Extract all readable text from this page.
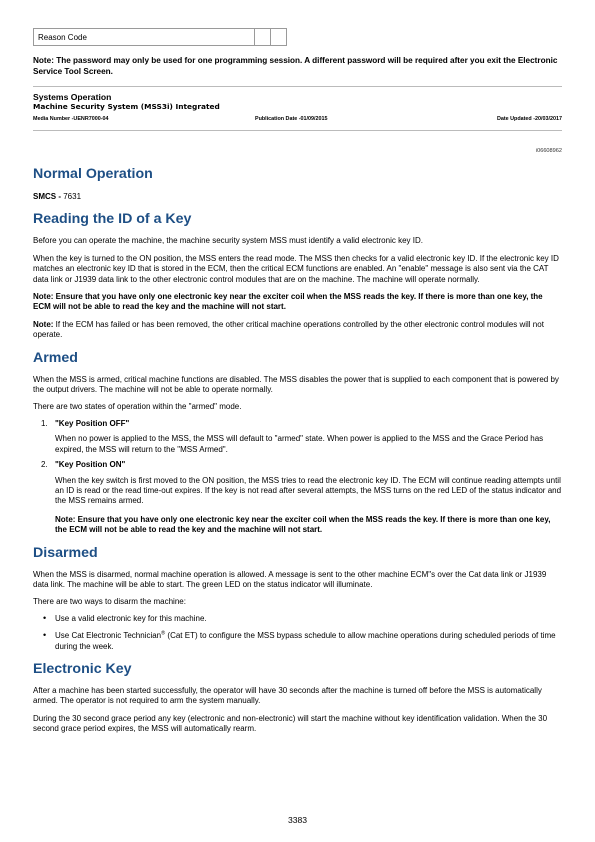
Reason Code		
Note: The password may only be used for one programming session. A different password will be required after you exit the Electronic Service Tool Screen.
Systems Operation
Machine Security System (MSS3i) Integrated
Media Number -UENR7000-04	Publication Date -01/09/2015	Date Updated -20/03/2017
i06608962
Normal Operation

SMCS - 7631

Reading the ID of a Key

Before you can operate the machine, the machine security system MSS must identify a valid electronic key ID.

When the key is turned to the ON position, the MSS enters the read mode. The MSS then checks for a valid electronic key ID. If the electronic key ID matches an electronic key ID that is stored in the ECM, then the critical ECM functions are enabled. An "enable" message is also sent via the CAT data link or J1939 data link to the other electronic control modules that are on the machine. The machine will operate normally.

Note: Ensure that you have only one electronic key near the exciter coil when the MSS reads the key. If there is more than one key, the ECM will not be able to read the key and the machine will not start.

Note: If the ECM has failed or has been removed, the other critical machine operations controlled by the other electronic control modules will not operate.

Armed

When the MSS is armed, critical machine functions are disabled. The MSS disables the power that is supplied to each component that is powered by the output drivers. The machine will not be able to operate normally.

There are two states of operation within the "armed" mode.

1. "Key Position OFF"
When no power is applied to the MSS, the MSS will default to "armed" state. When power is applied to the MSS and the Grace Period has expired, the MSS will return to the "MSS Armed".
2. "Key Position ON"
When the key switch is first moved to the ON position, the MSS tries to read the electronic key ID. The ECM will continue reading attempts until an ID is read or the read time-out expires. If the key is not read after several attempts, the MSS turns on the red LED of the status indicator and the MSS remains armed.
Note: Ensure that you have only one electronic key near the exciter coil when the MSS reads the key. If there is more than one key, the ECM will not be able to read the key and the machine will not start.
Disarmed

When the MSS is disarmed, normal machine operation is allowed. A message is sent to the other machine ECM"s over the Cat data link or J1939 data link. The machine will be able to start. The green LED on the status indicator will illuminate.

There are two ways to disarm the machine:

• Use a valid electronic key for this machine.
• Use Cat Electronic Technician® (Cat ET) to configure the MSS bypass schedule to allow machine operations during scheduled periods of time during the week.
Electronic Key

After a machine has been started successfully, the operator will have 30 seconds after the machine is turned off before the MSS is automatically armed. The operator is not required to arm the system manually.

During the 30 second grace period any key (electronic and non-electronic) will start the machine without key identification validation. When the 30 second grace period expires, the MSS will automatically rearm.

3383
